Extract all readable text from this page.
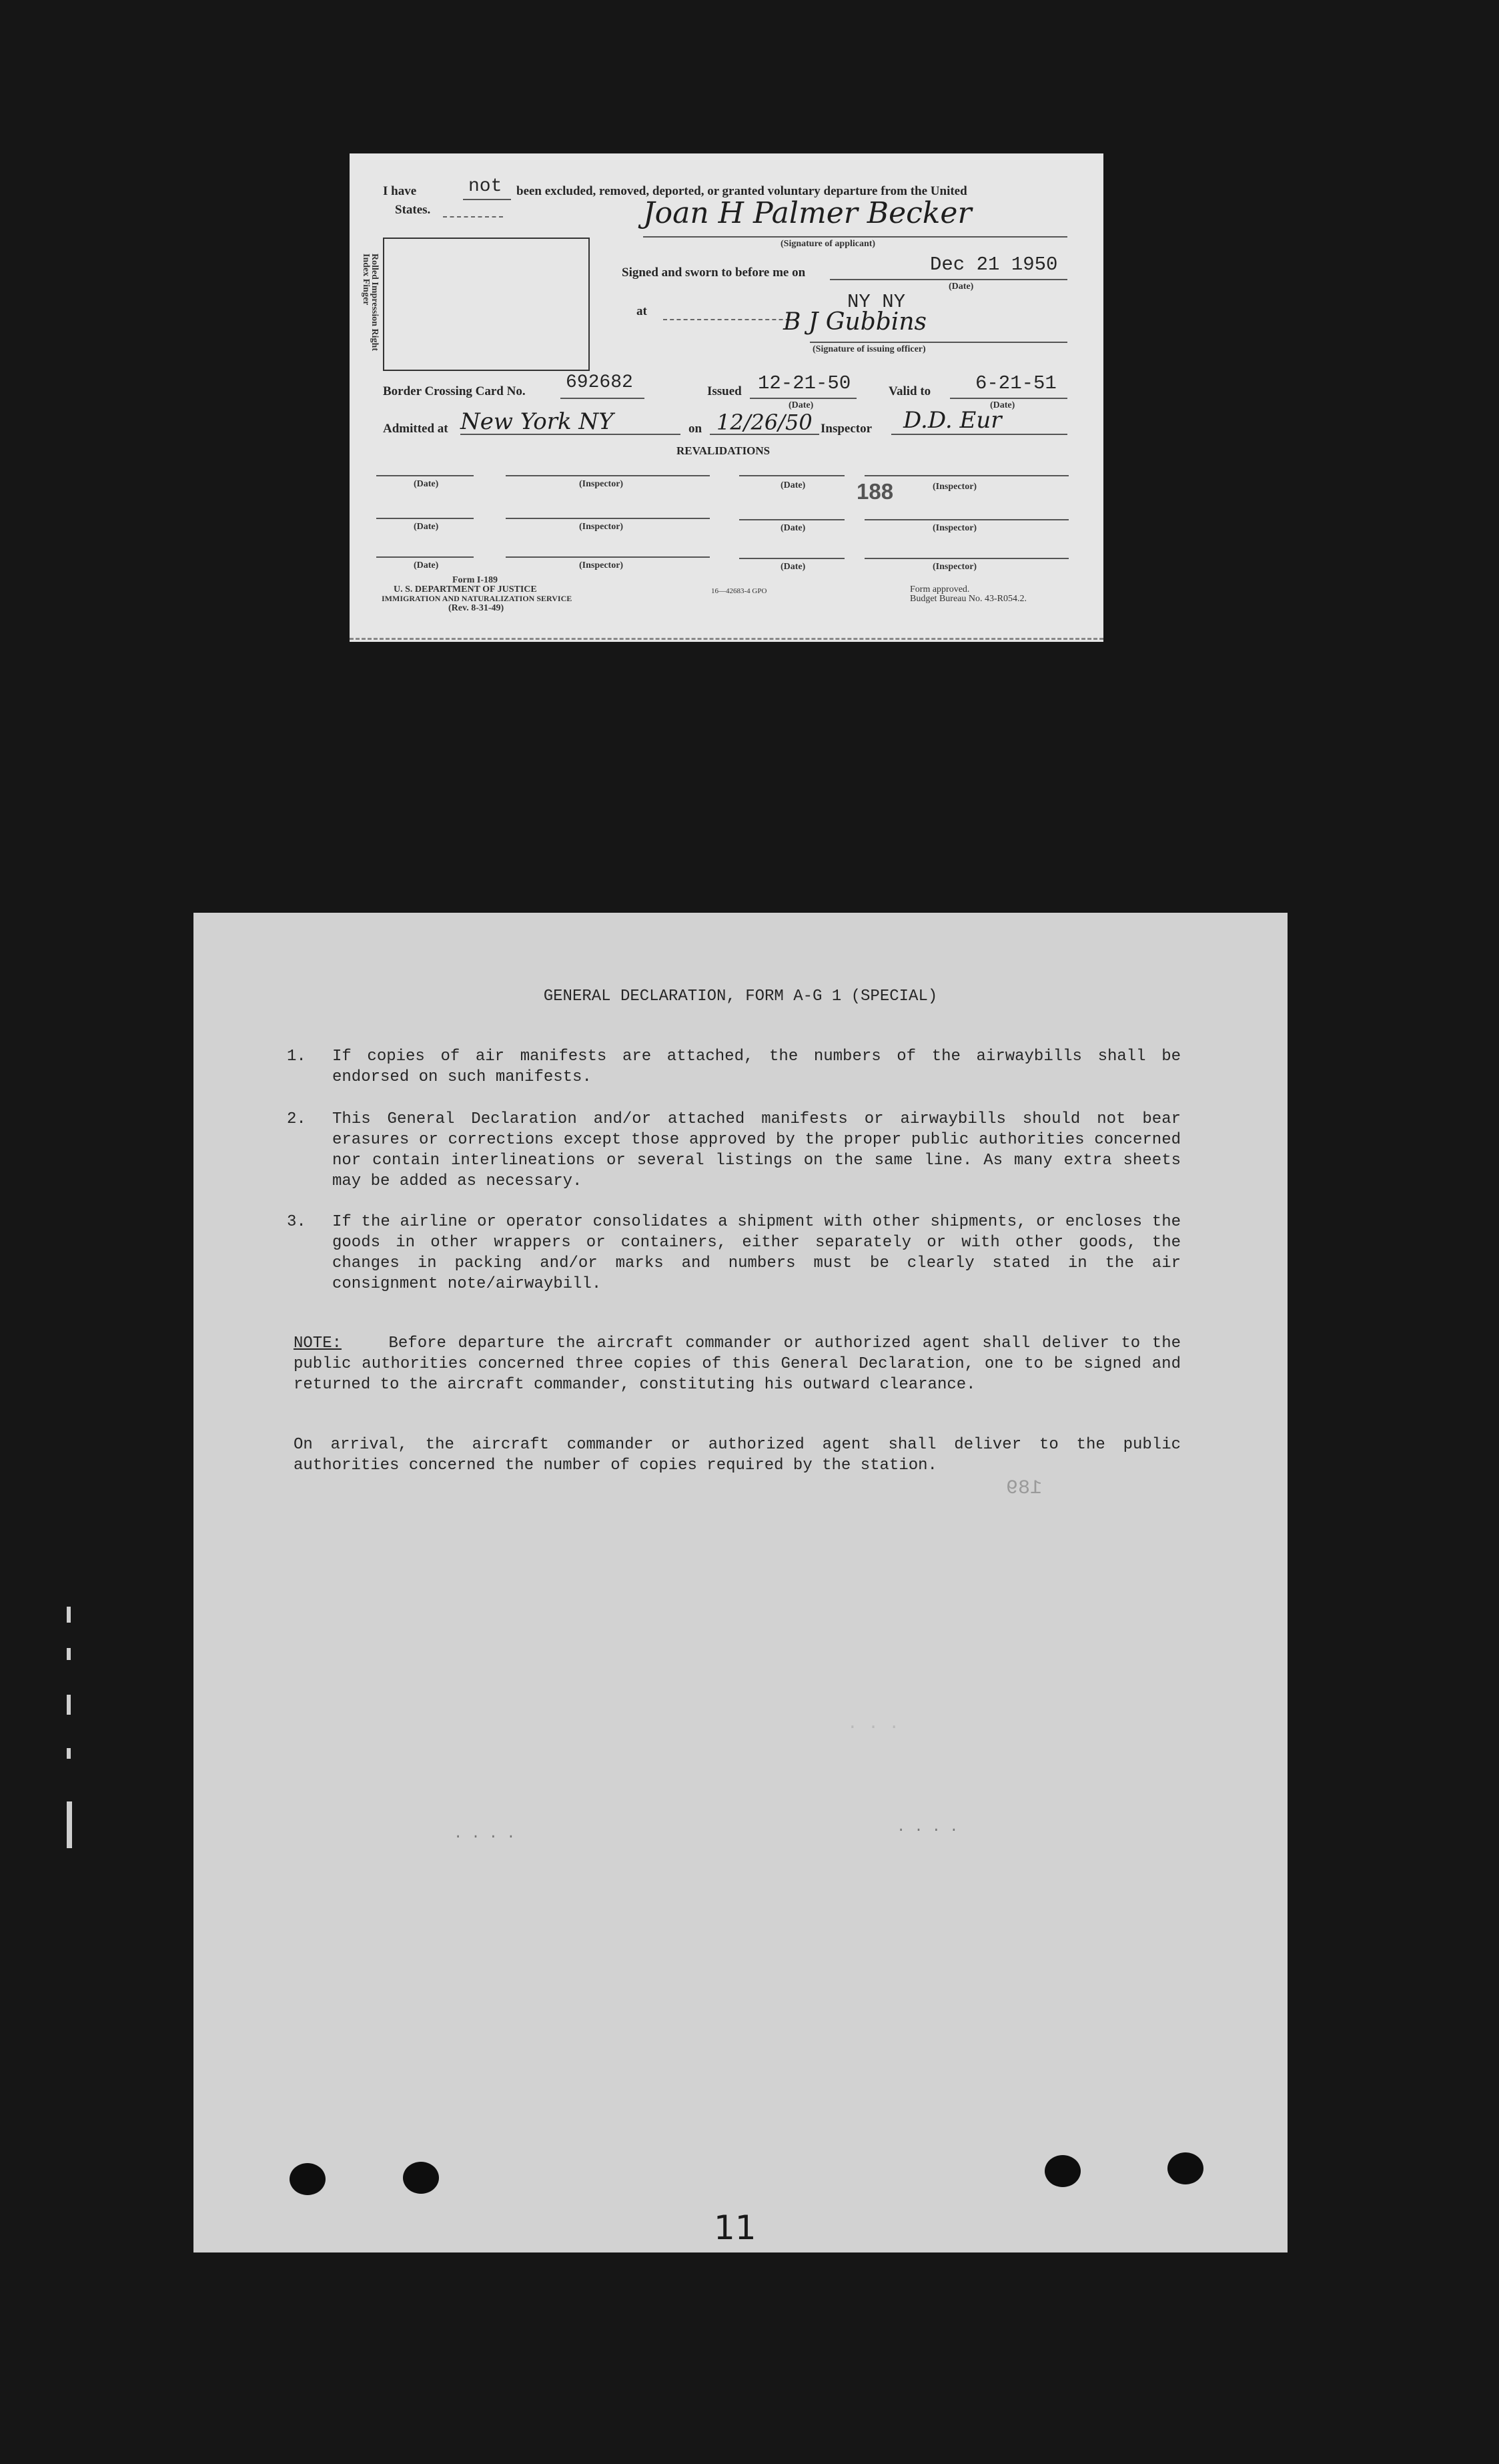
I have	not been excluded, removed, deported, or granted voluntary departure from the United
States.
Rolled Impression Right Index Finger
Joan H Palmer Becker
(Signature of applicant)
Signed and sworn to before me on	Dec 21 1950
(Date)
NY NY
at	B J Gubbins
(Signature of issuing officer)
Border Crossing Card No. 692682	Issued 12-21-50
(Date)
Valid to 6-21-51
(Date)
Admitted at New York NY	on 12/26/50 Inspector D.D. Eur
REVALIDATIONS
(Date)	(Inspector)	(Date)	(Inspector)
188
(Date)	(Inspector)	(Date)	(Inspector)
(Date)	(Inspector)	(Date)	(Inspector)
Form I-189
U. S. DEPARTMENT OF JUSTICE
IMMIGRATION AND NATURALIZATION SERVICE
(Rev. 8-31-49)
16—42683-4 GPO	Form approved.
Budget Bureau No. 43-R054.2.
GENERAL DECLARATION, FORM A-G 1 (SPECIAL)
1. If copies of air manifests are attached, the numbers of the airwaybills shall be endorsed on such manifests.
2. This General Declaration and/or attached manifests or airwaybills should not bear erasures or corrections except those approved by the proper public authorities concerned nor contain interlineations or several listings on the same line. As many extra sheets may be added as necessary.
3. If the airline or operator consolidates a shipment with other shipments, or encloses the goods in other wrappers or containers, either separately or with other goods, the changes in packing and/or marks and numbers must be clearly stated in the air consignment note/airwaybill.
NOTE:	Before departure the aircraft commander or authorized agent shall deliver to the public authorities concerned three copies of this General Declaration, one to be signed and returned to the aircraft commander, constituting his outward clearance.
On arrival, the aircraft commander or authorized agent shall deliver to the public authorities concerned the number of copies required by the station.
189
. . .
. . . .	. . . .
11
